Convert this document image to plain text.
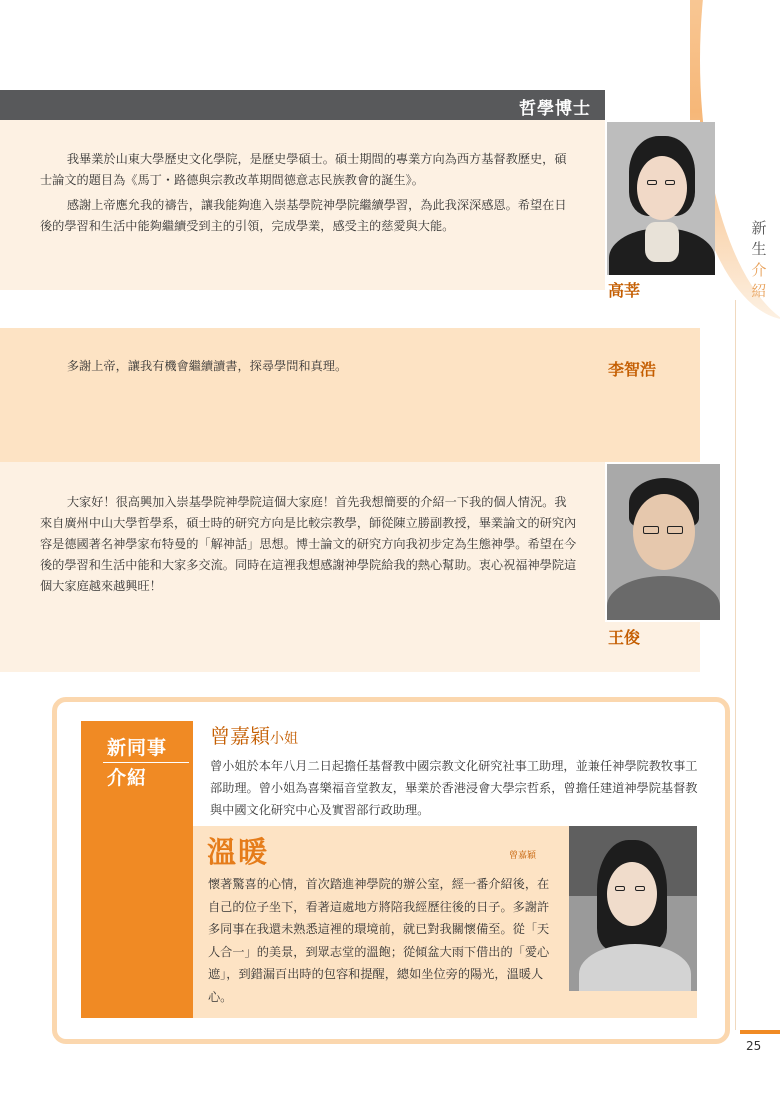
哲學博士

我畢業於山東大學歷史文化學院，是歷史學碩士。碩士期間的專業方向為西方基督教歷史，碩士論文的題目為《馬丁・路德與宗教改革期間德意志民族教會的誕生》。

感謝上帝應允我的禱告，讓我能夠進入崇基學院神學院繼續學習，為此我深深感恩。希望在日後的學習和生活中能夠繼續受到主的引領，完成學業，感受主的慈愛與大能。

高莘
新
生
介
紹

多謝上帝，讓我有機會繼續讀書，探尋學問和真理。	李智浩

大家好！很高興加入崇基學院神學院這個大家庭！首先我想簡要的介紹一下我的個人情況。我來自廣州中山大學哲學系，碩士時的研究方向是比較宗教學，師從陳立勝副教授，畢業論文的研究內容是德國著名神學家布特曼的「解神話」思想。博士論文的研究方向我初步定為生態神學。希望在今後的學習和生活中能和大家多交流。同時在這裡我想感謝神學院給我的熱心幫助。衷心祝福神學院這個大家庭越來越興旺！

王俊
新同事
介紹
曾嘉穎小姐

曾小姐於本年八月二日起擔任基督教中國宗教文化研究社事工助理，並兼任神學院教牧事工部助理。曾小姐為喜樂福音堂教友，畢業於香港浸會大學宗哲系，曾擔任建道神學院基督教與中國文化研究中心及實習部行政助理。

溫暖	曾嘉穎

懷著驚喜的心情，首次踏進神學院的辦公室，經一番介紹後，在自己的位子坐下，看著這處地方將陪我經歷往後的日子。多謝許多同事在我還未熟悉這裡的環境前，就已對我關懷備至。從「天人合一」的美景，到眾志堂的溫飽；從傾盆大雨下借出的「愛心遮」，到錯漏百出時的包容和提醒，總如坐位旁的陽光，溫暖人心。

25
